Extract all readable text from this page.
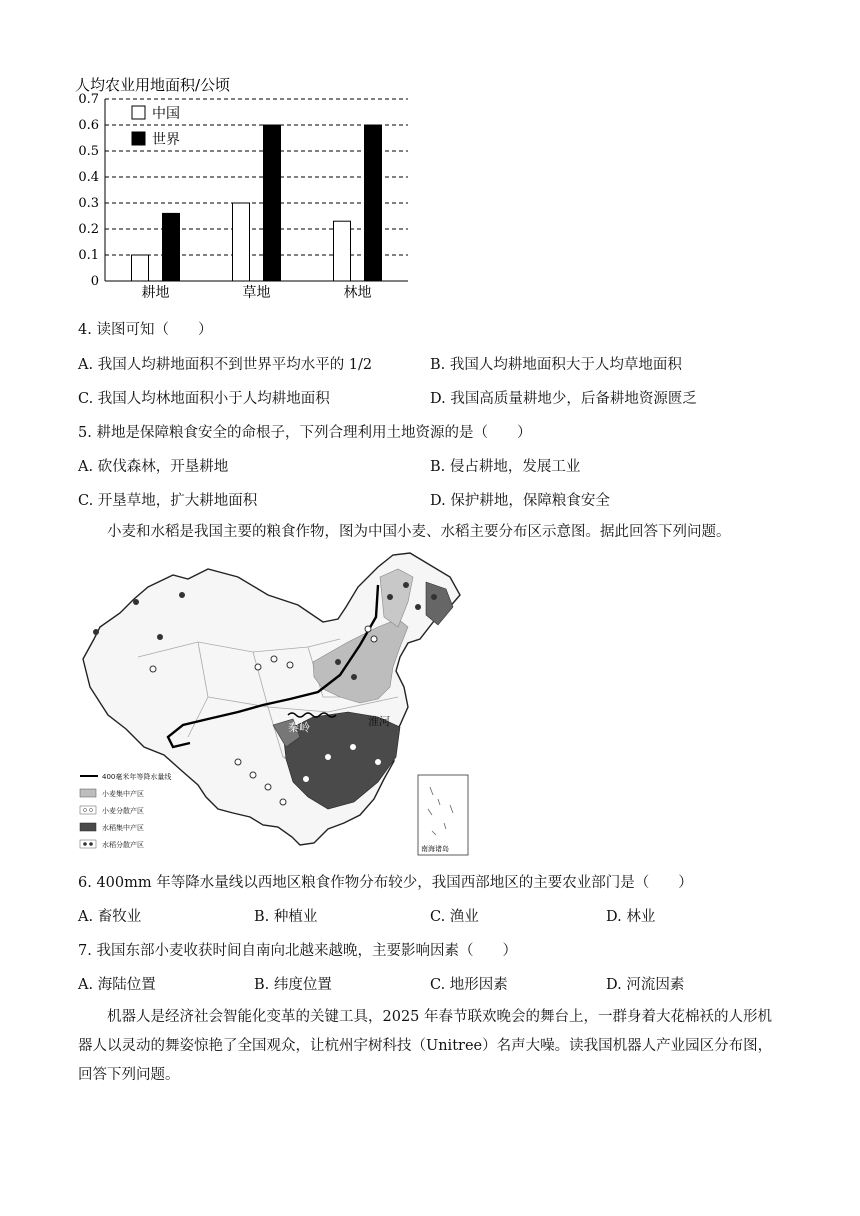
人均农业用地面积/公顷
0
0.1
0.2
0.3
0.4
0.5
0.6
0.7
耕地	草地	林地
中国
世界
4. 读图可知（　　）
A. 我国人均耕地面积不到世界平均水平的 1/2	B. 我国人均耕地面积大于人均草地面积
C. 我国人均林地面积小于人均耕地面积	D. 我国高质量耕地少，后备耕地资源匮乏
5. 耕地是保障粮食安全的命根子，下列合理利用土地资源的是（　　）
A. 砍伐森林，开垦耕地	B. 侵占耕地，发展工业
C. 开垦草地，扩大耕地面积	D. 保护耕地，保障粮食安全
小麦和水稻是我国主要的粮食作物，图为中国小麦、水稻主要分布区示意图。据此回答下列问题。
秦岭	淮河
400毫米年等降水量线
小麦集中产区
小麦分散产区
水稻集中产区
水稻分散产区	南海诸岛
6. 400mm 年等降水量线以西地区粮食作物分布较少，我国西部地区的主要农业部门是（　　）
A. 畜牧业	B. 种植业	C. 渔业	D. 林业
7. 我国东部小麦收获时间自南向北越来越晚，主要影响因素（　　）
A. 海陆位置	B. 纬度位置	C. 地形因素	D. 河流因素
机器人是经济社会智能化变革的关键工具，2025 年春节联欢晚会的舞台上，一群身着大花棉袄的人形机器人以灵动的舞姿惊艳了全国观众，让杭州宇树科技（Unitree）名声大噪。读我国机器人产业园区分布图，回答下列问题。
